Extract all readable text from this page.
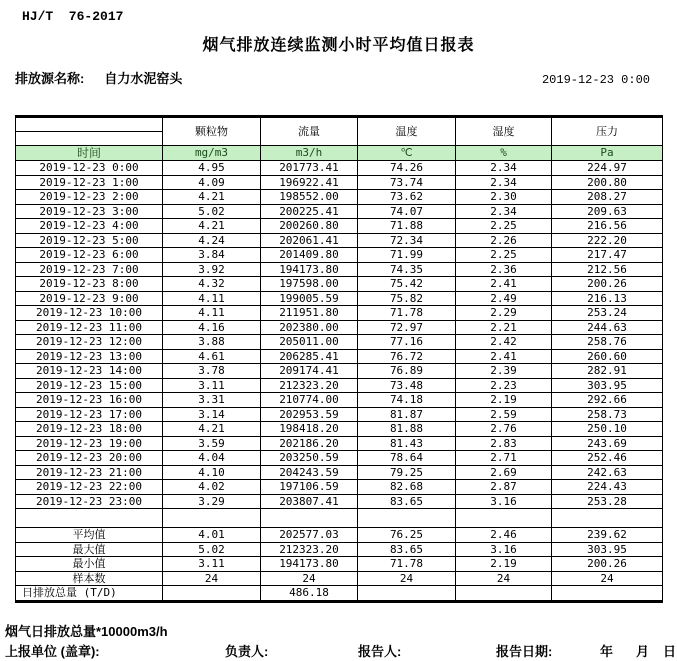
HJ/T  76-2017
烟气排放连续监测小时平均值日报表
排放源名称: 自力水泥窑头	2019-12-23 0:00
	颗粒物	流量	温度	湿度	压力
时间	mg/m3	m3/h	℃	%	Pa
2019-12-23 0:00	4.95	201773.41	74.26	2.34	224.97
2019-12-23 1:00	4.09	196922.41	73.74	2.34	200.80
2019-12-23 2:00	4.21	198552.00	73.62	2.30	208.27
2019-12-23 3:00	5.02	200225.41	74.07	2.34	209.63
2019-12-23 4:00	4.21	200260.80	71.88	2.25	216.56
2019-12-23 5:00	4.24	202061.41	72.34	2.26	222.20
2019-12-23 6:00	3.84	201409.80	71.99	2.25	217.47
2019-12-23 7:00	3.92	194173.80	74.35	2.36	212.56
2019-12-23 8:00	4.32	197598.00	75.42	2.41	200.26
2019-12-23 9:00	4.11	199005.59	75.82	2.49	216.13
2019-12-23 10:00	4.11	211951.80	71.78	2.29	253.24
2019-12-23 11:00	4.16	202380.00	72.97	2.21	244.63
2019-12-23 12:00	3.88	205011.00	77.16	2.42	258.76
2019-12-23 13:00	4.61	206285.41	76.72	2.41	260.60
2019-12-23 14:00	3.78	209174.41	76.89	2.39	282.91
2019-12-23 15:00	3.11	212323.20	73.48	2.23	303.95
2019-12-23 16:00	3.31	210774.00	74.18	2.19	292.66
2019-12-23 17:00	3.14	202953.59	81.87	2.59	258.73
2019-12-23 18:00	4.21	198418.20	81.88	2.76	250.10
2019-12-23 19:00	3.59	202186.20	81.43	2.83	243.69
2019-12-23 20:00	4.04	203250.59	78.64	2.71	252.46
2019-12-23 21:00	4.10	204243.59	79.25	2.69	242.63
2019-12-23 22:00	4.02	197106.59	82.68	2.87	224.43
2019-12-23 23:00	3.29	203807.41	83.65	3.16	253.28

平均值	4.01	202577.03	76.25	2.46	239.62
最大值	5.02	212323.20	83.65	3.16	303.95
最小值	3.11	194173.80	71.78	2.19	200.26
样本数	24	24	24	24	24
日排放总量 (T/D)		486.18			
烟气日排放总量*10000m3/h
上报单位 (盖章):	负责人:	报告人:	报告日期:	年 月 日
